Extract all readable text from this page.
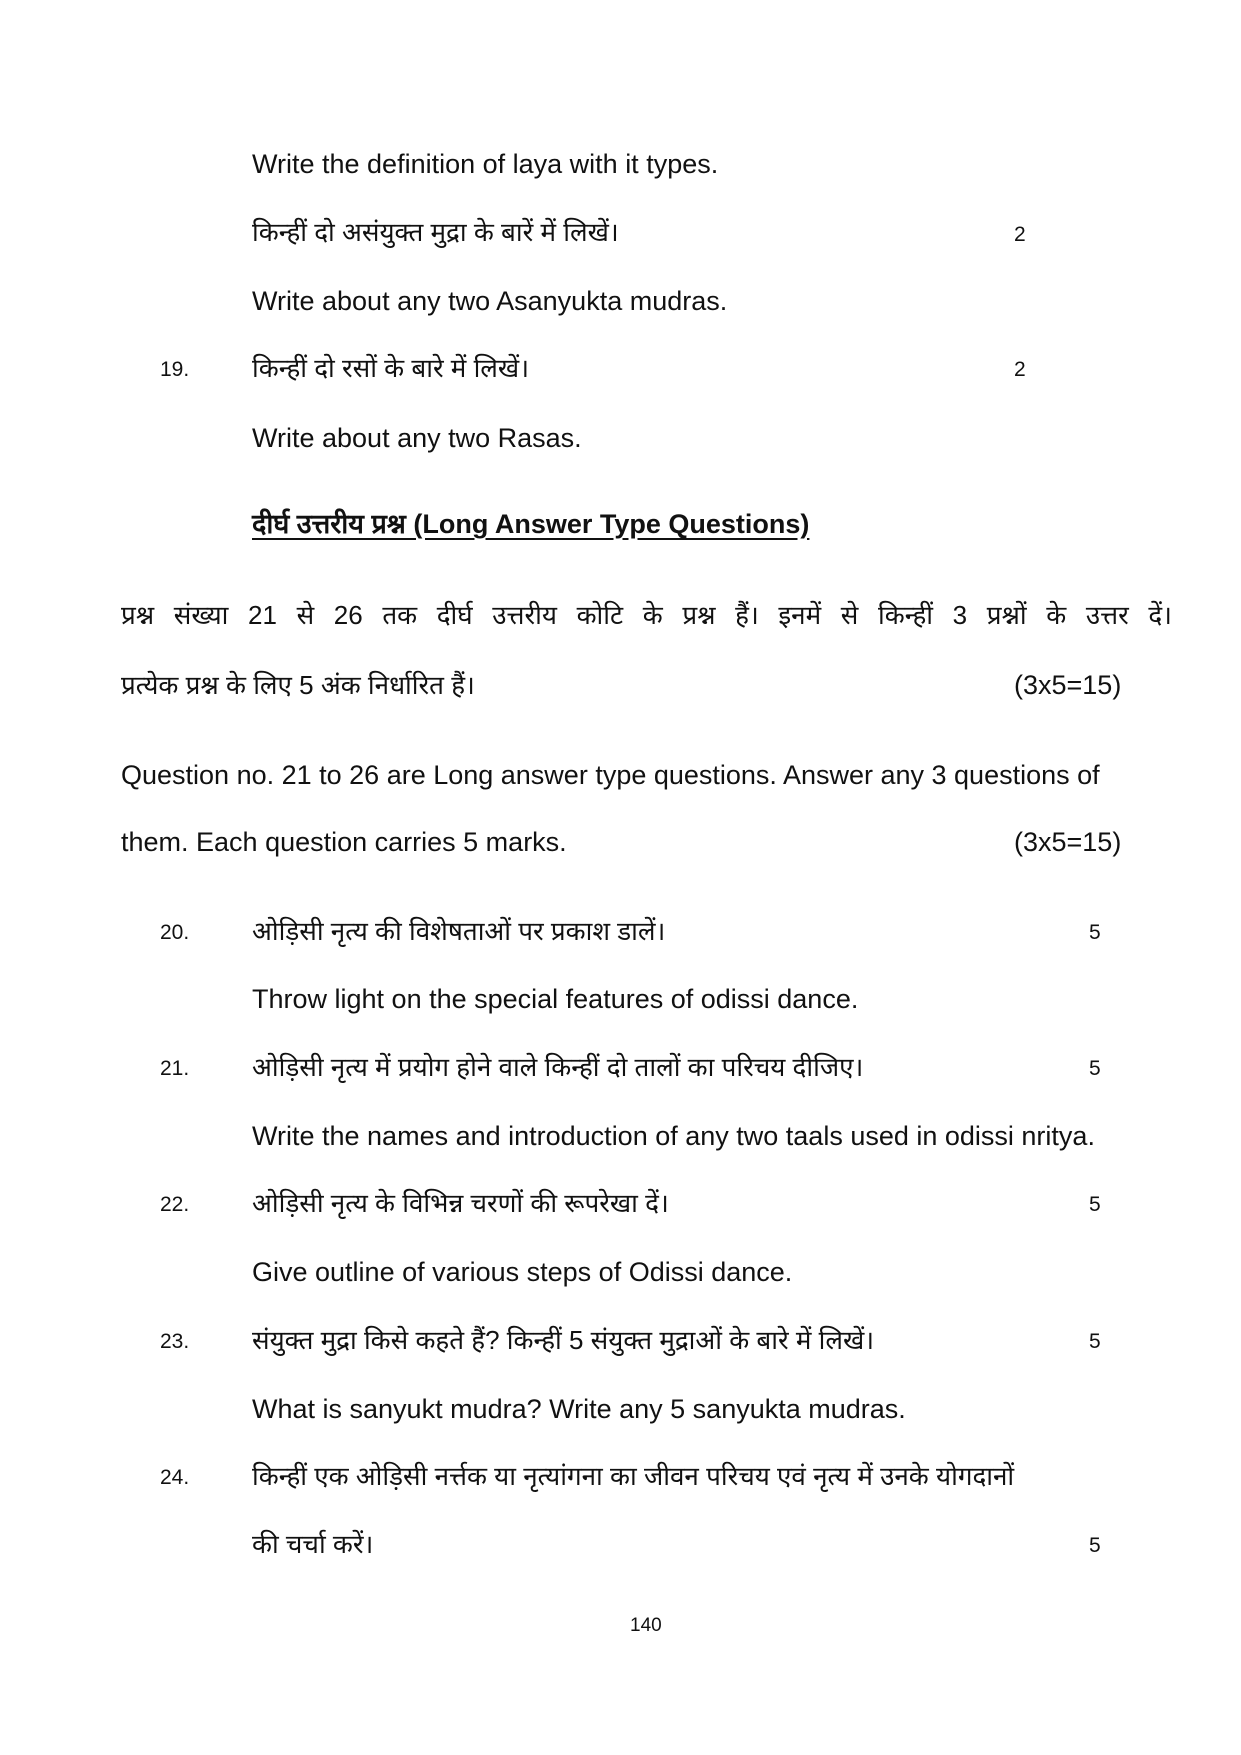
Write the definition of laya with it types.
किन्हीं दो असंयुक्त मुद्रा के बारें में लिखें।	2
Write about any two Asanyukta mudras.
19. किन्हीं दो रसों के बारे में लिखें।	2
Write about any two Rasas.
दीर्घ उत्तरीय प्रश्न (Long Answer Type Questions)
प्रश्न संख्या 21 से 26 तक दीर्घ उत्तरीय कोटि के प्रश्न हैं। इनमें से किन्हीं 3 प्रश्नों के उत्तर दें।
प्रत्येक प्रश्न के लिए 5 अंक निर्धारित हैं।	(3x5=15)
Question no. 21 to 26 are Long answer type questions. Answer any 3 questions of
them. Each question carries 5 marks.	(3x5=15)
20. ओड़िसी नृत्य की विशेषताओं पर प्रकाश डालें।	5
Throw light on the special features of odissi dance.
21. ओड़िसी नृत्य में प्रयोग होने वाले किन्हीं दो तालों का परिचय दीजिए।	5
Write the names and introduction of any two taals used in odissi nritya.
22. ओड़िसी नृत्य के विभिन्न चरणों की रूपरेखा दें।	5
Give outline of various steps of Odissi dance.
23. संयुक्त मुद्रा किसे कहते हैं? किन्हीं 5 संयुक्त मुद्राओं के बारे में लिखें।	5
What is sanyukt mudra? Write any 5 sanyukta mudras.
24. किन्हीं एक ओड़िसी नर्त्तक या नृत्यांगना का जीवन परिचय एवं नृत्य में उनके योगदानों
की चर्चा करें।	5
140
